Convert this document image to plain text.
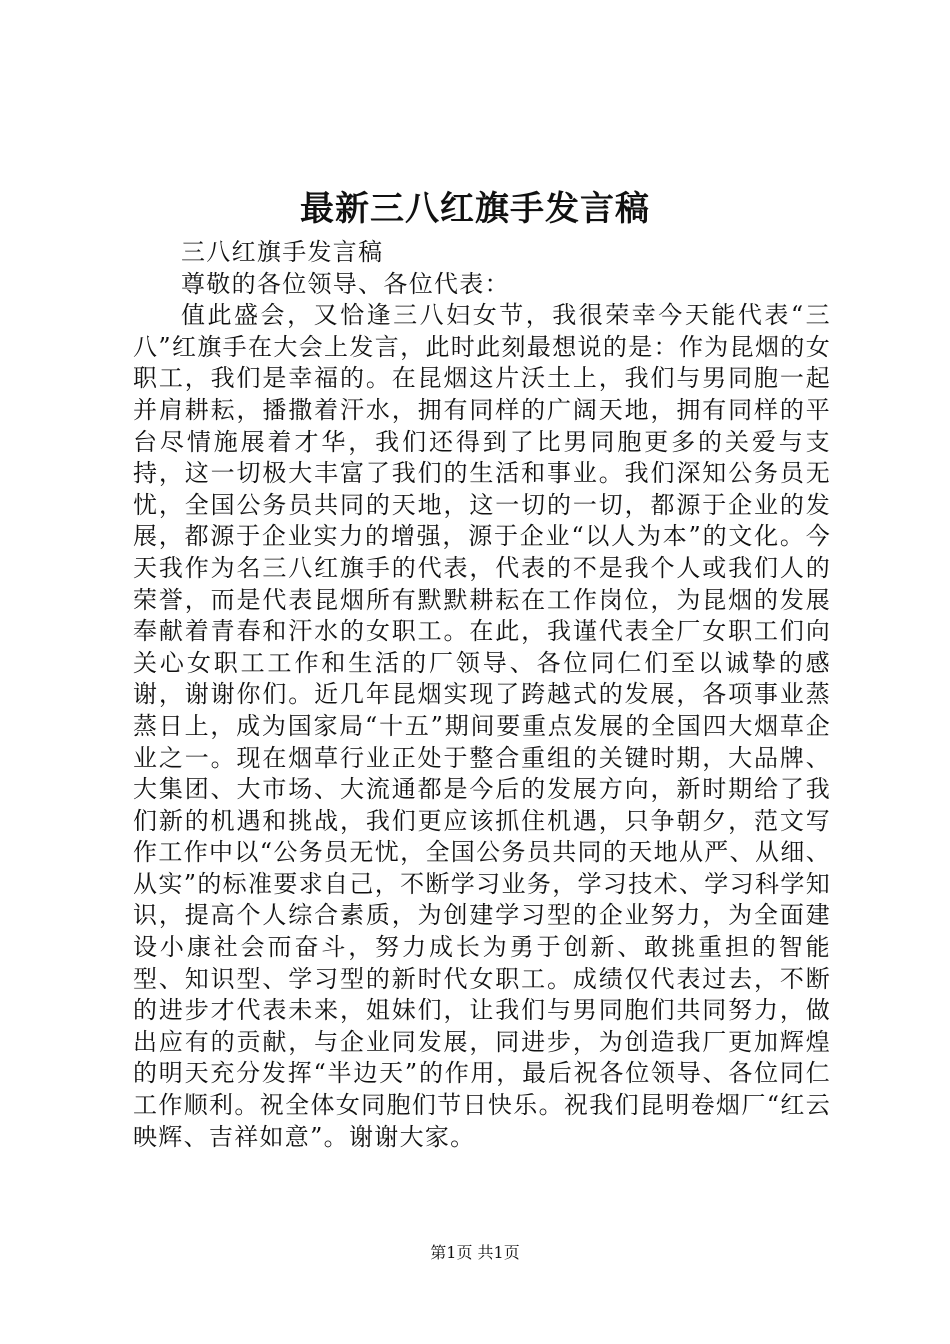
最新三八红旗手发言稿

三八红旗手发言稿

尊敬的各位领导、各位代表：

值此盛会，又恰逢三八妇女节，我很荣幸今天能代表“三八”红旗手在大会上发言，此时此刻最想说的是：作为昆烟的女职工，我们是幸福的。在昆烟这片沃土上，我们与男同胞一起并肩耕耘，播撒着汗水，拥有同样的广阔天地，拥有同样的平台尽情施展着才华，我们还得到了比男同胞更多的关爱与支持，这一切极大丰富了我们的生活和事业。我们深知公务员无忧，全国公务员共同的天地，这一切的一切，都源于企业的发展，都源于企业实力的增强，源于企业“以人为本”的文化。今天我作为名三八红旗手的代表，代表的不是我个人或我们人的荣誉，而是代表昆烟所有默默耕耘在工作岗位，为昆烟的发展奉献着青春和汗水的女职工。在此，我谨代表全厂女职工们向关心女职工工作和生活的厂领导、各位同仁们至以诚挚的感谢，谢谢你们。近几年昆烟实现了跨越式的发展，各项事业蒸蒸日上，成为国家局“十五”期间要重点发展的全国四大烟草企业之一。现在烟草行业正处于整合重组的关键时期，大品牌、大集团、大市场、大流通都是今后的发展方向，新时期给了我们新的机遇和挑战，我们更应该抓住机遇，只争朝夕，范文写作工作中以“公务员无忧，全国公务员共同的天地从严、从细、从实”的标准要求自己，不断学习业务，学习技术、学习科学知识，提高个人综合素质，为创建学习型的企业努力，为全面建设小康社会而奋斗，努力成长为勇于创新、敢挑重担的智能型、知识型、学习型的新时代女职工。成绩仅代表过去，不断的进步才代表未来，姐妹们，让我们与男同胞们共同努力，做出应有的贡献，与企业同发展，同进步，为创造我厂更加辉煌的明天充分发挥“半边天”的作用，最后祝各位领导、各位同仁工作顺利。祝全体女同胞们节日快乐。祝我们昆明卷烟厂“红云映辉、吉祥如意”。谢谢大家。

第1页 共1页
